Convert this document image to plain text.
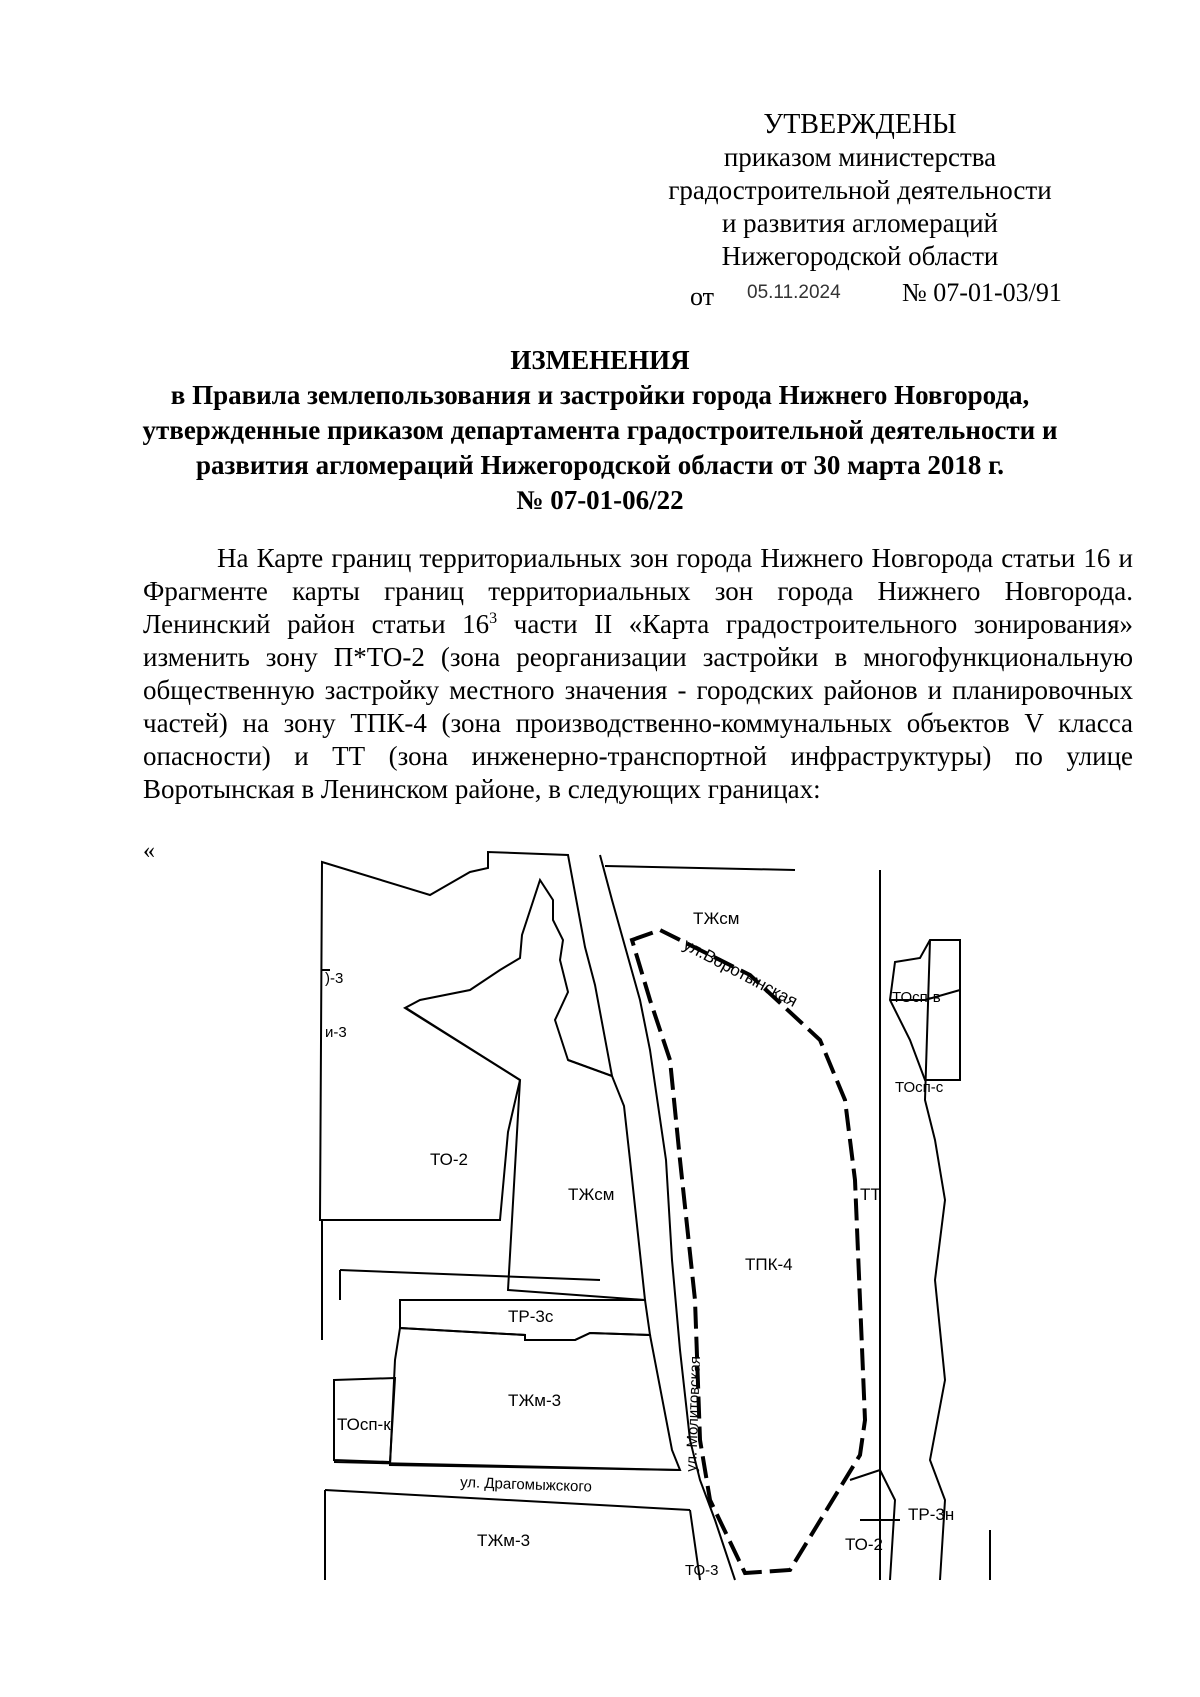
УТВЕРЖДЕНЫ
приказом министерства
градостроительной деятельности
и развития агломераций
Нижегородской области
от 05.11.2024 № 07-01-03/91
ИЗМЕНЕНИЯ
в Правила землепользования и застройки города Нижнего Новгорода,
утвержденные приказом департамента градостроительной деятельности и
развития агломераций Нижегородской области от 30 марта 2018 г.
№ 07-01-06/22

На Карте границ территориальных зон города Нижнего Новгорода статьи 16 и Фрагменте карты границ территориальных зон города Нижнего Новгорода. Ленинский район статьи $16^3$ части II «Карта градостроительного зонирования» изменить зону П*ТО-2 (зона реорганизации застройки в многофункциональную общественную застройку местного значения - городских районов и планировочных частей) на зону ТПК-4 (зона производственно-коммунальных объектов V класса опасности) и ТТ (зона инженерно-транспортной инфраструктуры) по улице Воротынская в Ленинском районе, в следующих границах:

«
ТЖсм
ТО-2
ТЖсм
ТР-3с
ТЖм-3
ТОсп-к
ТЖм-3
ТПК-4
ТТ
ТОсп-в
ТОсп-с
ТО-2
ТР-3н
ТО-3
)-3
и-3
ул.Воротынская
ул. Молитовская
ул. Драгомыжского
